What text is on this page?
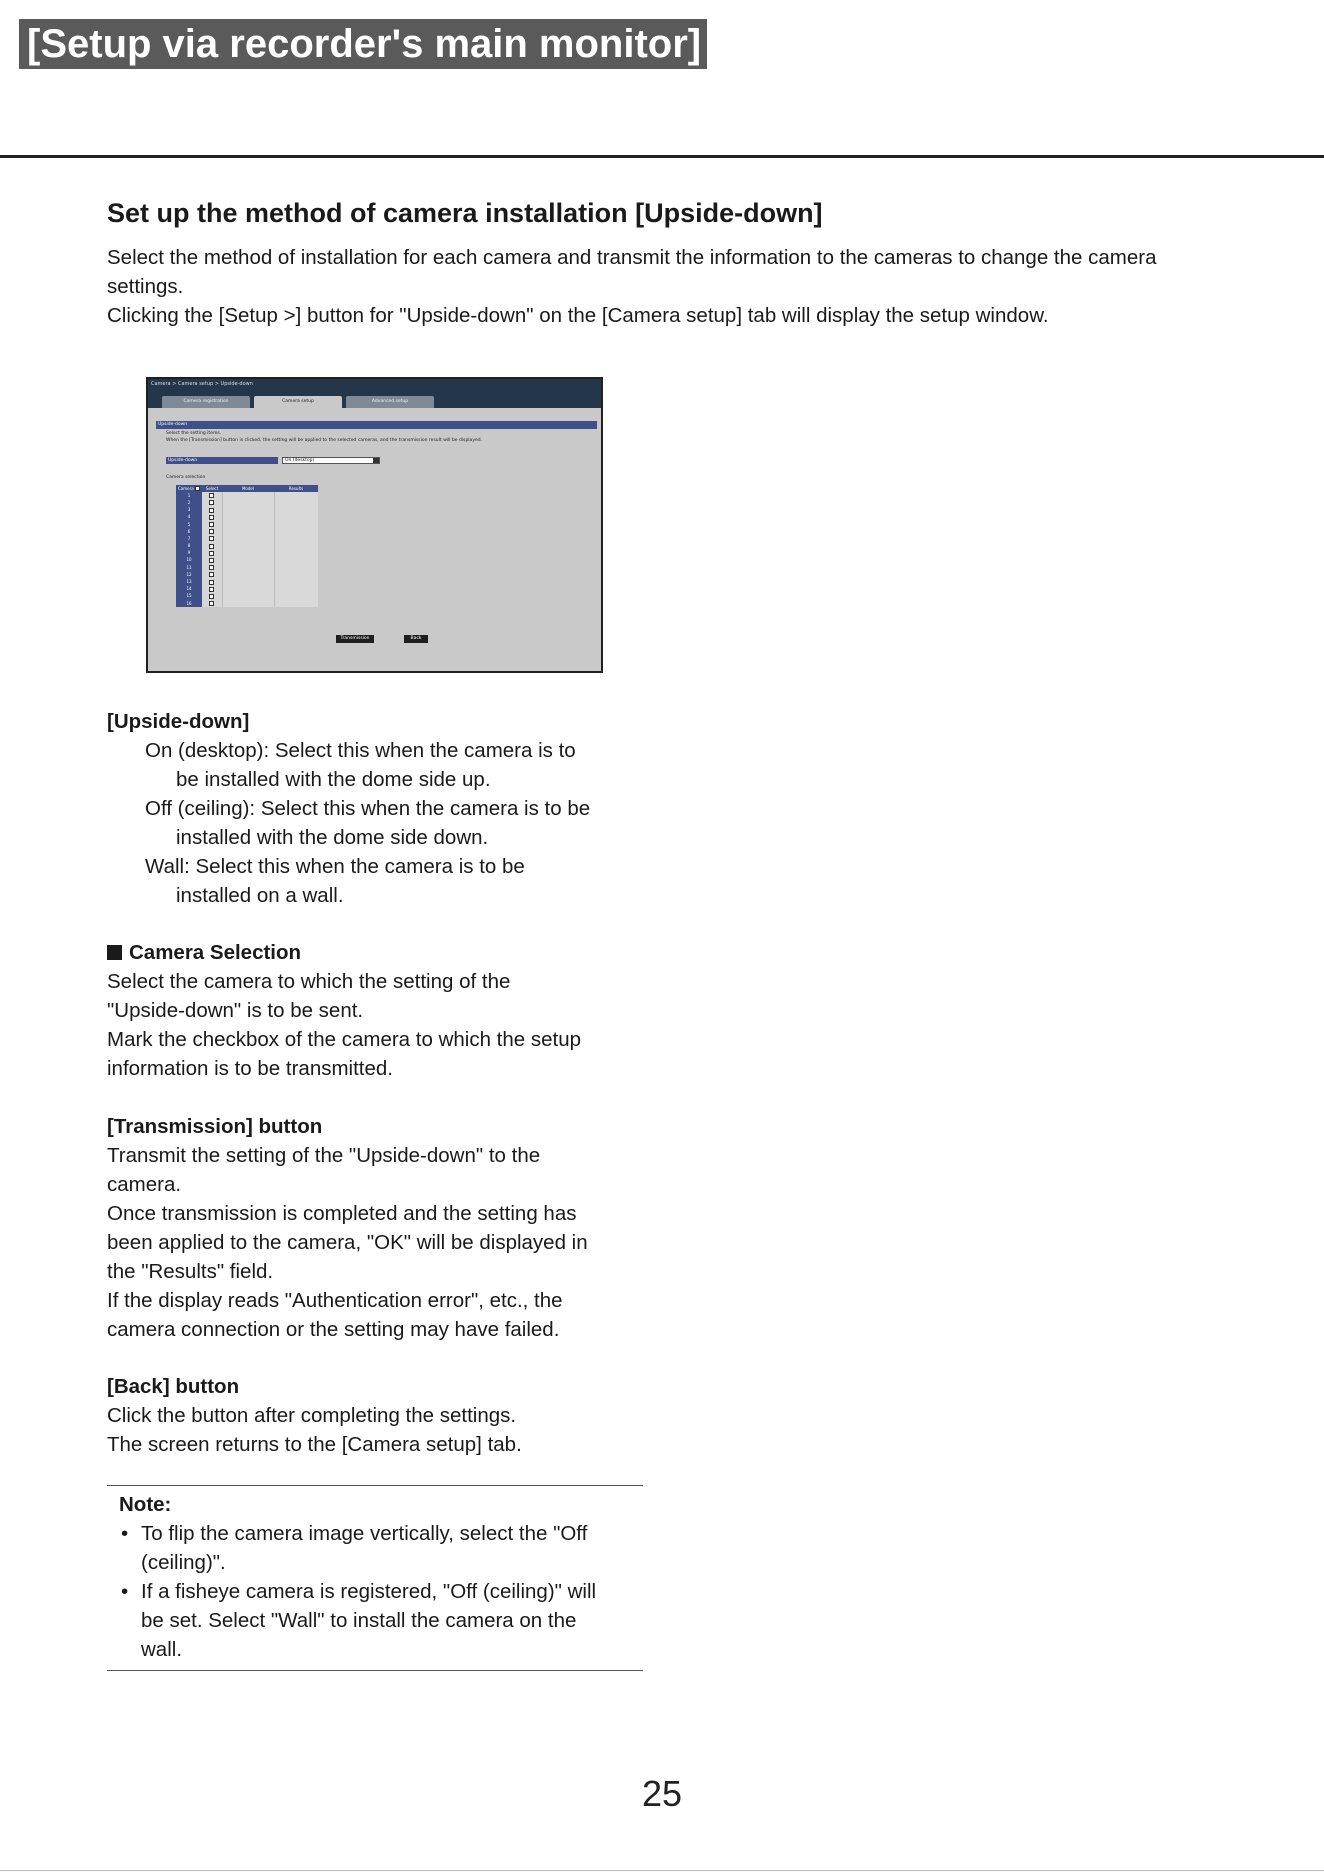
[Setup via recorder's main monitor]
Set up the method of camera installation [Upside-down]

Select the method of installation for each camera and transmit the information to the cameras to change the camera settings.

Clicking the [Setup >] button for "Upside-down" on the [Camera setup] tab will display the setup window.

Camera > Camera setup > Upside-down
Camera registration	Camera setup	Advanced setup
Upside-down
Select the setting items.
When the [Transmission] button is clicked, the setting will be applied to the selected cameras, and the transmission result will be displayed.
Upside-down	On (desktop)
Camera selection
Camera	Select	Model	Results
1			
2			
3			
4			
5			
6			
7			
8			
9			
10			
11			
12			
13			
14			
15			
16			
Transmission	Back

[Upside-down]

On (desktop): Select this when the camera is to

be installed with the dome side up.

Off (ceiling): Select this when the camera is to be

installed with the dome side down.

Wall: Select this when the camera is to be

installed on a wall.

Camera Selection

Select the camera to which the setting of the

"Upside-down" is to be sent.

Mark the checkbox of the camera to which the setup

information is to be transmitted.

[Transmission] button

Transmit the setting of the "Upside-down" to the

camera.

Once transmission is completed and the setting has

been applied to the camera, "OK" will be displayed in

the "Results" field.

If the display reads "Authentication error", etc., the

camera connection or the setting may have failed.

[Back] button

Click the button after completing the settings.

The screen returns to the [Camera setup] tab.

Note:

• To flip the camera image vertically, select the "Off

(ceiling)".

• If a fisheye camera is registered, "Off (ceiling)" will

be set. Select "Wall" to install the camera on the

wall.

25
